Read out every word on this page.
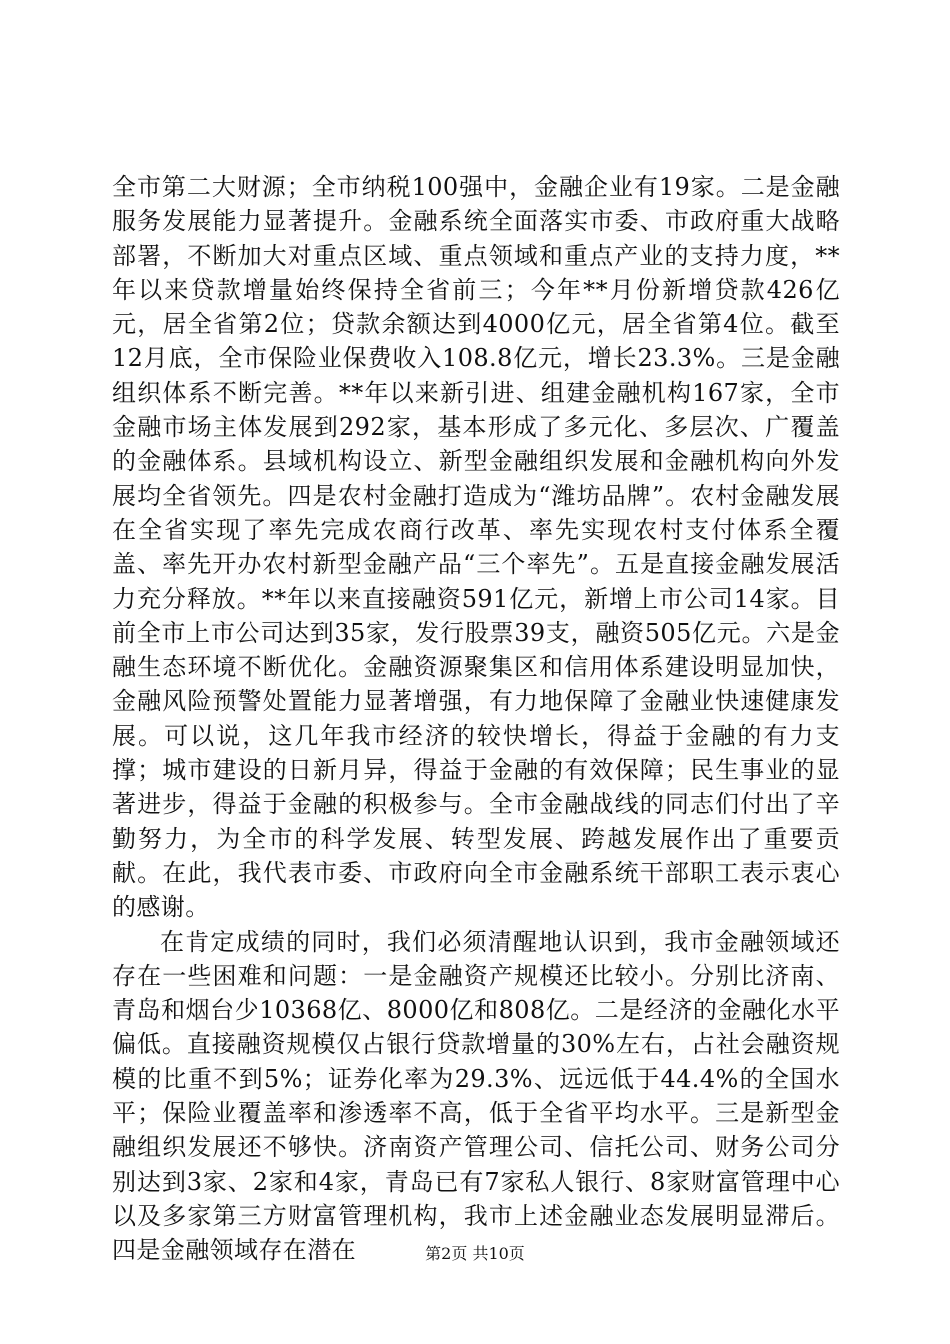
全市第二大财源；全市纳税100强中，金融企业有19家。二是金融服务发展能力显著提升。金融系统全面落实市委、市政府重大战略部署，不断加大对重点区域、重点领域和重点产业的支持力度，**年以来贷款增量始终保持全省前三；今年**月份新增贷款426亿元，居全省第2位；贷款余额达到4000亿元，居全省第4位。截至12月底，全市保险业保费收入108.8亿元，增长23.3%。三是金融组织体系不断完善。**年以来新引进、组建金融机构167家，全市金融市场主体发展到292家，基本形成了多元化、多层次、广覆盖的金融体系。县域机构设立、新型金融组织发展和金融机构向外发展均全省领先。四是农村金融打造成为“潍坊品牌”。农村金融发展在全省实现了率先完成农商行改革、率先实现农村支付体系全覆盖、率先开办农村新型金融产品“三个率先”。五是直接金融发展活力充分释放。**年以来直接融资591亿元，新增上市公司14家。目前全市上市公司达到35家，发行股票39支，融资505亿元。六是金融生态环境不断优化。金融资源聚集区和信用体系建设明显加快，金融风险预警处置能力显著增强，有力地保障了金融业快速健康发展。可以说，这几年我市经济的较快增长，得益于金融的有力支撑；城市建设的日新月异，得益于金融的有效保障；民生事业的显著进步，得益于金融的积极参与。全市金融战线的同志们付出了辛勤努力，为全市的科学发展、转型发展、跨越发展作出了重要贡献。在此，我代表市委、市政府向全市金融系统干部职工表示衷心的感谢。

在肯定成绩的同时，我们必须清醒地认识到，我市金融领域还存在一些困难和问题：一是金融资产规模还比较小。分别比济南、青岛和烟台少10368亿、8000亿和808亿。二是经济的金融化水平偏低。直接融资规模仅占银行贷款增量的30%左右，占社会融资规模的比重不到5%；证券化率为29.3%、远远低于44.4%的全国水平；保险业覆盖率和渗透率不高，低于全省平均水平。三是新型金融组织发展还不够快。济南资产管理公司、信托公司、财务公司分别达到3家、2家和4家，青岛已有7家私人银行、8家财富管理中心以及多家第三方财富管理机构，我市上述金融业态发展明显滞后。四是金融领域存在潜在	第2页 共10页
